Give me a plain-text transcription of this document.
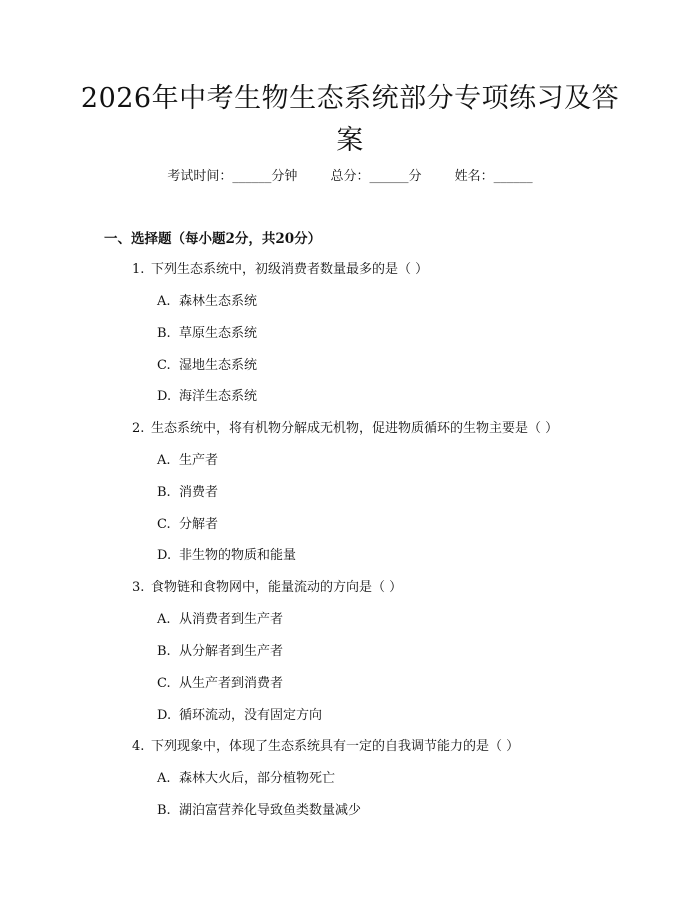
2026年中考生物生态系统部分专项练习及答案
考试时间：______分钟	总分：______分	姓名：______
一、选择题（每小题2分，共20分）
1. 下列生态系统中，初级消费者数量最多的是（ ）
A. 森林生态系统
B. 草原生态系统
C. 湿地生态系统
D. 海洋生态系统
2. 生态系统中，将有机物分解成无机物，促进物质循环的生物主要是（ ）
A. 生产者
B. 消费者
C. 分解者
D. 非生物的物质和能量
3. 食物链和食物网中，能量流动的方向是（ ）
A. 从消费者到生产者
B. 从分解者到生产者
C. 从生产者到消费者
D. 循环流动，没有固定方向
4. 下列现象中，体现了生态系统具有一定的自我调节能力的是（ ）
A. 森林大火后，部分植物死亡
B. 湖泊富营养化导致鱼类数量减少
